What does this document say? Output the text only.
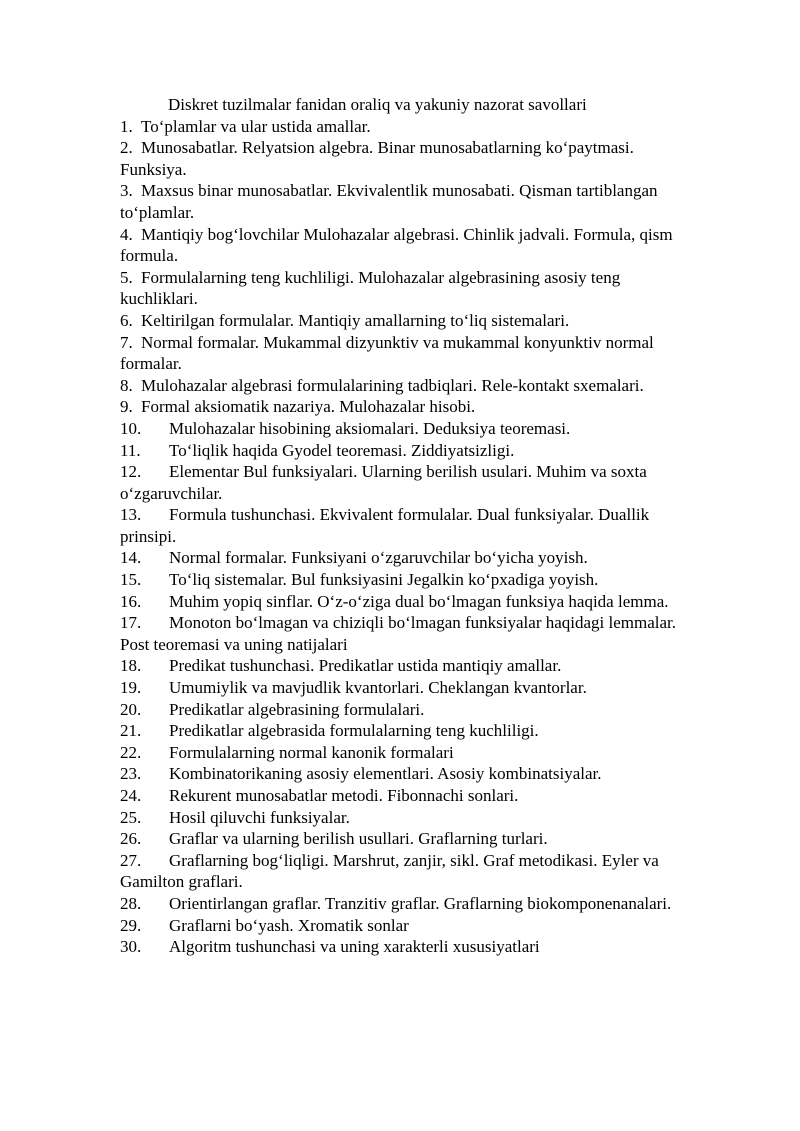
Diskret tuzilmalar fanidan oraliq va yakuniy nazorat savollari
1. To‘plamlar va ular ustida amallar.
2. Munosabatlar. Relyatsion algebra. Binar munosabatlarning ko‘paytmasi. Funksiya.
3. Maxsus binar munosabatlar. Ekvivalentlik munosabati. Qisman tartiblangan to‘plamlar.
4. Mantiqiy bog‘lovchilar Mulohazalar algebrasi. Chinlik jadvali. Formula, qism formula.
5. Formulalarning teng kuchliligi. Mulohazalar algebrasining asosiy teng kuchliklari.
6. Keltirilgan formulalar. Mantiqiy amallarning to‘liq sistemalari.
7. Normal formalar. Mukammal dizyunktiv va mukammal konyunktiv normal formalar.
8. Mulohazalar algebrasi formulalarining tadbiqlari. Rele-kontakt sxemalari.
9. Formal aksiomatik nazariya. Mulohazalar hisobi.
10. Mulohazalar hisobining aksiomalari. Deduksiya teoremasi.
11. To‘liqlik haqida Gyodel teoremasi. Ziddiyatsizligi.
12. Elementar Bul funksiyalari. Ularning berilish usulari. Muhim va soxta o‘zgaruvchilar.
13. Formula tushunchasi. Ekvivalent formulalar. Dual funksiyalar. Duallik prinsipi.
14. Normal formalar. Funksiyani o‘zgaruvchilar bo‘yicha yoyish.
15. To‘liq sistemalar. Bul funksiyasini Jegalkin ko‘pxadiga yoyish.
16. Muhim yopiq sinflar. O‘z-o‘ziga dual bo‘lmagan funksiya haqida lemma.
17. Monoton bo‘lmagan va chiziqli bo‘lmagan funksiyalar haqidagi lemmalar. Post teoremasi va uning natijalari
18. Predikat tushunchasi. Predikatlar ustida mantiqiy amallar.
19. Umumiylik va mavjudlik kvantorlari. Cheklangan kvantorlar.
20. Predikatlar algebrasining formulalari.
21. Predikatlar algebrasida formulalarning teng kuchliligi.
22. Formulalarning normal kanonik formalari
23. Kombinatorikaning asosiy elementlari. Asosiy kombinatsiyalar.
24. Rekurent munosabatlar metodi. Fibonnachi sonlari.
25. Hosil qiluvchi funksiyalar.
26. Graflar va ularning berilish usullari. Graflarning turlari.
27. Graflarning bog‘liqligi. Marshrut, zanjir, sikl. Graf metodikasi. Eyler va Gamilton graflari.
28. Orientirlangan graflar. Tranzitiv graflar. Graflarning biokomponenanalari.
29. Graflarni bo‘yash. Xromatik sonlar
30. Algoritm tushunchasi va uning xarakterli xususiyatlari
